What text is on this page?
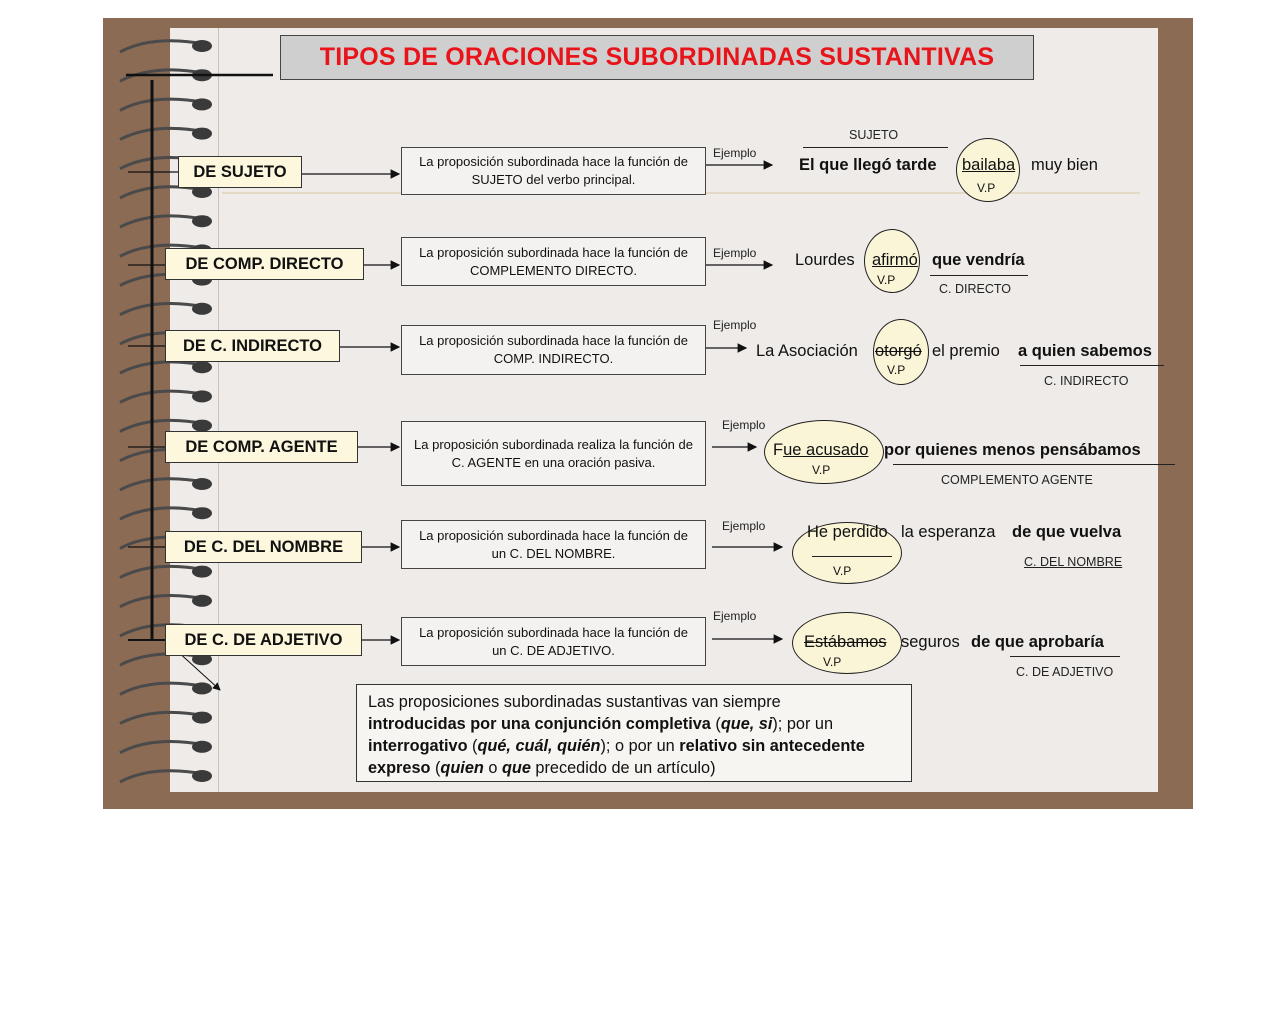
TIPOS DE ORACIONES SUBORDINADAS SUSTANTIVAS
DE SUJETO
DE COMP. DIRECTO
DE C. INDIRECTO
DE COMP. AGENTE
DE C. DEL NOMBRE
DE C. DE ADJETIVO
La proposición subordinada hace la función de SUJETO del verbo principal.
La proposición subordinada hace la función de COMPLEMENTO DIRECTO.
La proposición subordinada hace la función de COMP. INDIRECTO.
La proposición subordinada realiza la función de C. AGENTE en una oración pasiva.
La proposición subordinada hace la función de un C. DEL NOMBRE.
La proposición subordinada hace la función de un C. DE ADJETIVO.
Ejemplo
Ejemplo
Ejemplo
Ejemplo
Ejemplo
Ejemplo
SUJETO
El que llegó tarde bailaba muy bien
V.P
Lourdes afirmó que vendría
C. DIRECTO
V.P
La Asociación otorgó el premio a quien sabemos
C. INDIRECTO
V.P
Fue acusado por quienes menos pensábamos
COMPLEMENTO AGENTE
V.P
He perdido la esperanza de que vuelva
C. DEL NOMBRE
V.P
Estábamos seguros de que aprobaría
C. DE ADJETIVO
V.P
Las proposiciones subordinadas sustantivas van siempre
introducidas por una conjunción completiva (que, si); por un
interrogativo (qué, cuál, quién); o por un relativo sin antecedente expreso (quien o que precedido de un artículo)
